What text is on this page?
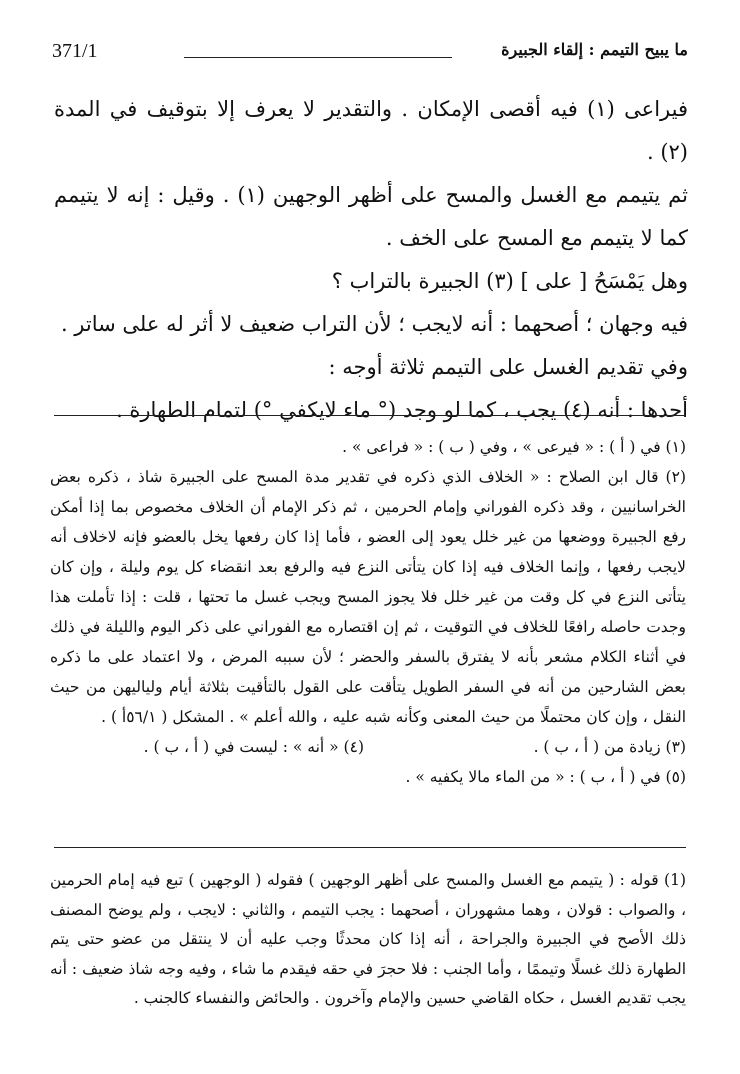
371/1	ما يبيح التيمم : إلقاء الجبيرة

فيراعى (١) فيه أقصى الإمكان . والتقدير لا يعرف إلا بتوقيف في المدة (٢) .

ثم يتيمم مع الغسل والمسح على أظهر الوجهين (١) . وقيل : إنه لا يتيمم كما لا يتيمم مع المسح على الخف .

وهل يَمْسَحُ [ على ] (٣) الجبيرة بالتراب ؟

فيه وجهان ؛ أصحهما : أنه لايجب ؛ لأن التراب ضعيف لا أثر له على ساتر .

وفي تقديم الغسل على التيمم ثلاثة أوجه :

أحدها : أنه (٤) يجب ، كما لو وجد (° ماء لايكفي °) لتمام الطهارة .

(١) في ( أ ) : « فيرعى » ، وفي ( ب ) : « فراعى » .

(٢) قال ابن الصلاح : « الخلاف الذي ذكره في تقدير مدة المسح على الجبيرة شاذ ، ذكره بعض الخراسانيين ، وقد ذكره الفوراني وإمام الحرمين ، ثم ذكر الإمام أن الخلاف مخصوص بما إذا أمكن رفع الجبيرة ووضعها من غير خلل يعود إلى العضو ، فأما إذا كان رفعها يخل بالعضو فإنه لاخلاف أنه لايجب رفعها ، وإنما الخلاف فيه إذا كان يتأتى النزع فيه والرفع بعد انقضاء كل يوم وليلة ، وإن كان يتأتى النزع في كل وقت من غير خلل فلا يجوز المسح ويجب غسل ما تحتها ، قلت : إذا تأملت هذا وجدت حاصله رافعًا للخلاف في التوقيت ، ثم إن اقتصاره مع الفوراني على ذكر اليوم والليلة في ذلك في أثناء الكلام مشعر بأنه لا يفترق بالسفر والحضر ؛ لأن سببه المرض ، ولا اعتماد على ما ذكره بعض الشارحين من أنه في السفر الطويل يتأقت على القول بالتأقيت بثلاثة أيام ولياليهن من حيث النقل ، وإن كان محتملًا من حيث المعنى وكأنه شبه عليه ، والله أعلم » . المشكل ( ٥٦/١أ ) .

(٣) زيادة من ( أ ، ب ) .
(٤) « أنه » : ليست في ( أ ، ب ) .

(٥) في ( أ ، ب ) : « من الماء مالا يكفيه » .

(1) قوله : ( يتيمم مع الغسل والمسح على أظهر الوجهين ) فقوله ( الوجهين ) تبع فيه إمام الحرمين ، والصواب : قولان ، وهما مشهوران ، أصحهما : يجب التيمم ، والثاني : لايجب ، ولم يوضح المصنف ذلك الأصح في الجبيرة والجراحة ، أنه إذا كان محدثًا وجب عليه أن لا ينتقل من عضو حتى يتم الطهارة ذلك غسلًا وتيممًا ، وأما الجنب : فلا حجرَ في حقه فيقدم ما شاء ، وفيه وجه شاذ ضعيف : أنه يجب تقديم الغسل ، حكاه القاضي حسين والإمام وآخرون . والحائض والنفساء كالجنب .
